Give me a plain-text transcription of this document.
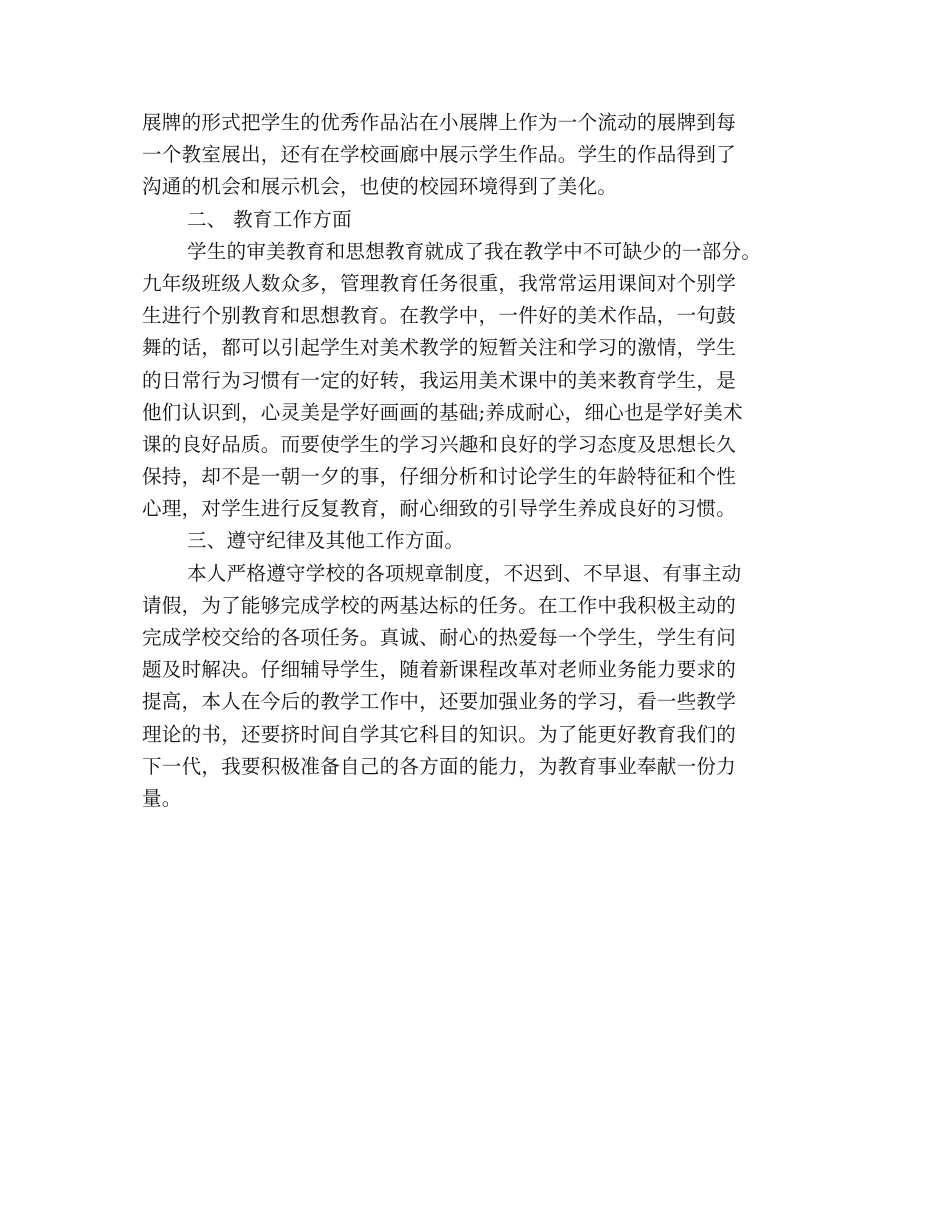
展牌的形式把学生的优秀作品沾在小展牌上作为一个流动的展牌到每
一个教室展出，还有在学校画廊中展示学生作品。学生的作品得到了
沟通的机会和展示机会，也使的校园环境得到了美化。
二、 教育工作方面
学生的审美教育和思想教育就成了我在教学中不可缺少的一部分。
九年级班级人数众多，管理教育任务很重，我常常运用课间对个别学
生进行个别教育和思想教育。在教学中，一件好的美术作品，一句鼓
舞的话，都可以引起学生对美术教学的短暂关注和学习的激情，学生
的日常行为习惯有一定的好转，我运用美术课中的美来教育学生，是
他们认识到，心灵美是学好画画的基础;养成耐心，细心也是学好美术
课的良好品质。而要使学生的学习兴趣和良好的学习态度及思想长久
保持，却不是一朝一夕的事，仔细分析和讨论学生的年龄特征和个性
心理，对学生进行反复教育，耐心细致的引导学生养成良好的习惯。
三、遵守纪律及其他工作方面。
本人严格遵守学校的各项规章制度，不迟到、不早退、有事主动
请假，为了能够完成学校的两基达标的任务。在工作中我积极主动的
完成学校交给的各项任务。真诚、耐心的热爱每一个学生，学生有问
题及时解决。仔细辅导学生，随着新课程改革对老师业务能力要求的
提高，本人在今后的教学工作中，还要加强业务的学习，看一些教学
理论的书，还要挤时间自学其它科目的知识。为了能更好教育我们的
下一代，我要积极准备自己的各方面的能力，为教育事业奉献一份力
量。
